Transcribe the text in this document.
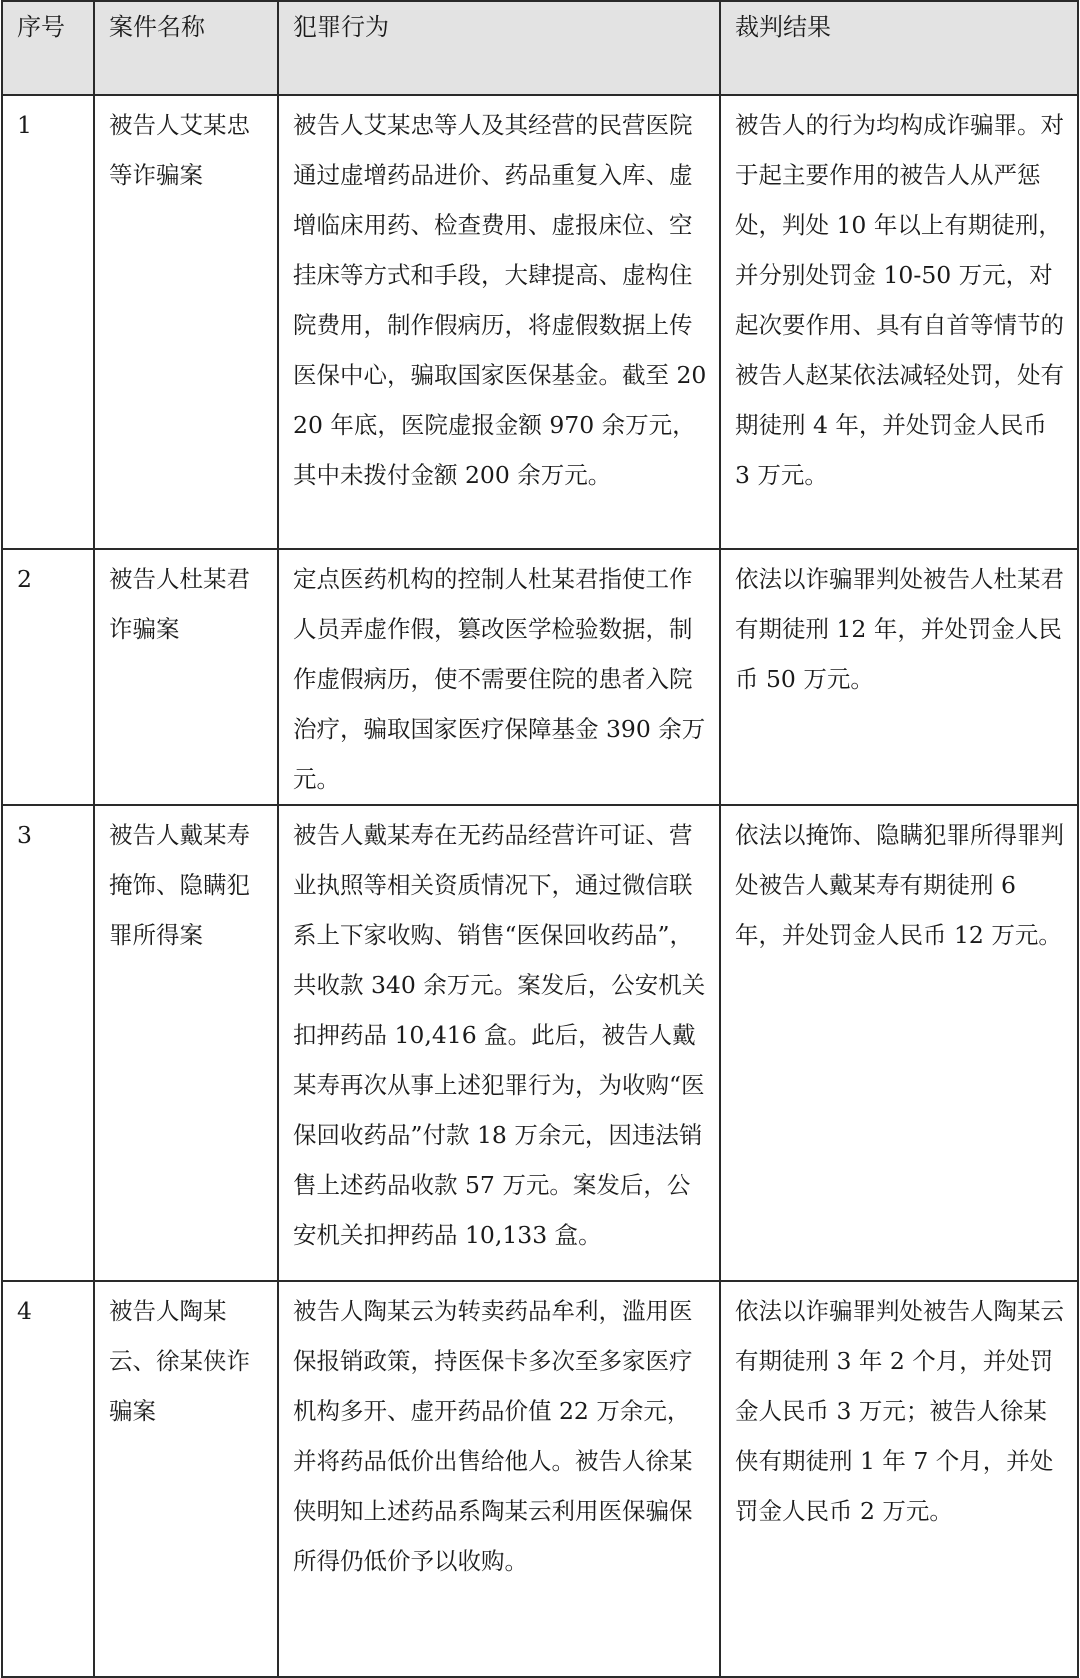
序号	案件名称	犯罪行为	裁判结果
1	被告人艾某忠等诈骗案	被告人艾某忠等人及其经营的民营医院通过虚增药品进价、药品重复入库、虚增临床用药、检查费用、虚报床位、空挂床等方式和手段，大肆提高、虚构住院费用，制作假病历，将虚假数据上传医保中心，骗取国家医保基金。截至 2020 年底，医院虚报金额 970 余万元，其中未拨付金额 200 余万元。	被告人的行为均构成诈骗罪。对于起主要作用的被告人从严惩处，判处 10 年以上有期徒刑，并分别处罚金 10-50 万元，对起次要作用、具有自首等情节的被告人赵某依法减轻处罚，处有期徒刑 4 年，并处罚金人民币 3 万元。
2	被告人杜某君诈骗案	定点医药机构的控制人杜某君指使工作人员弄虚作假，篡改医学检验数据，制作虚假病历，使不需要住院的患者入院治疗，骗取国家医疗保障基金 390 余万元。	依法以诈骗罪判处被告人杜某君有期徒刑 12 年，并处罚金人民币 50 万元。
3	被告人戴某寿掩饰、隐瞒犯罪所得案	被告人戴某寿在无药品经营许可证、营业执照等相关资质情况下，通过微信联系上下家收购、销售“医保回收药品”，共收款 340 余万元。案发后，公安机关扣押药品 10,416 盒。此后，被告人戴某寿再次从事上述犯罪行为，为收购“医保回收药品”付款 18 万余元，因违法销售上述药品收款 57 万元。案发后，公安机关扣押药品 10,133 盒。	依法以掩饰、隐瞒犯罪所得罪判处被告人戴某寿有期徒刑 6 年，并处罚金人民币 12 万元。
4	被告人陶某云、徐某侠诈骗案	被告人陶某云为转卖药品牟利，滥用医保报销政策，持医保卡多次至多家医疗机构多开、虚开药品价值 22 万余元，并将药品低价出售给他人。被告人徐某侠明知上述药品系陶某云利用医保骗保所得仍低价予以收购。	依法以诈骗罪判处被告人陶某云有期徒刑 3 年 2 个月，并处罚金人民币 3 万元；被告人徐某侠有期徒刑 1 年 7 个月，并处罚金人民币 2 万元。
